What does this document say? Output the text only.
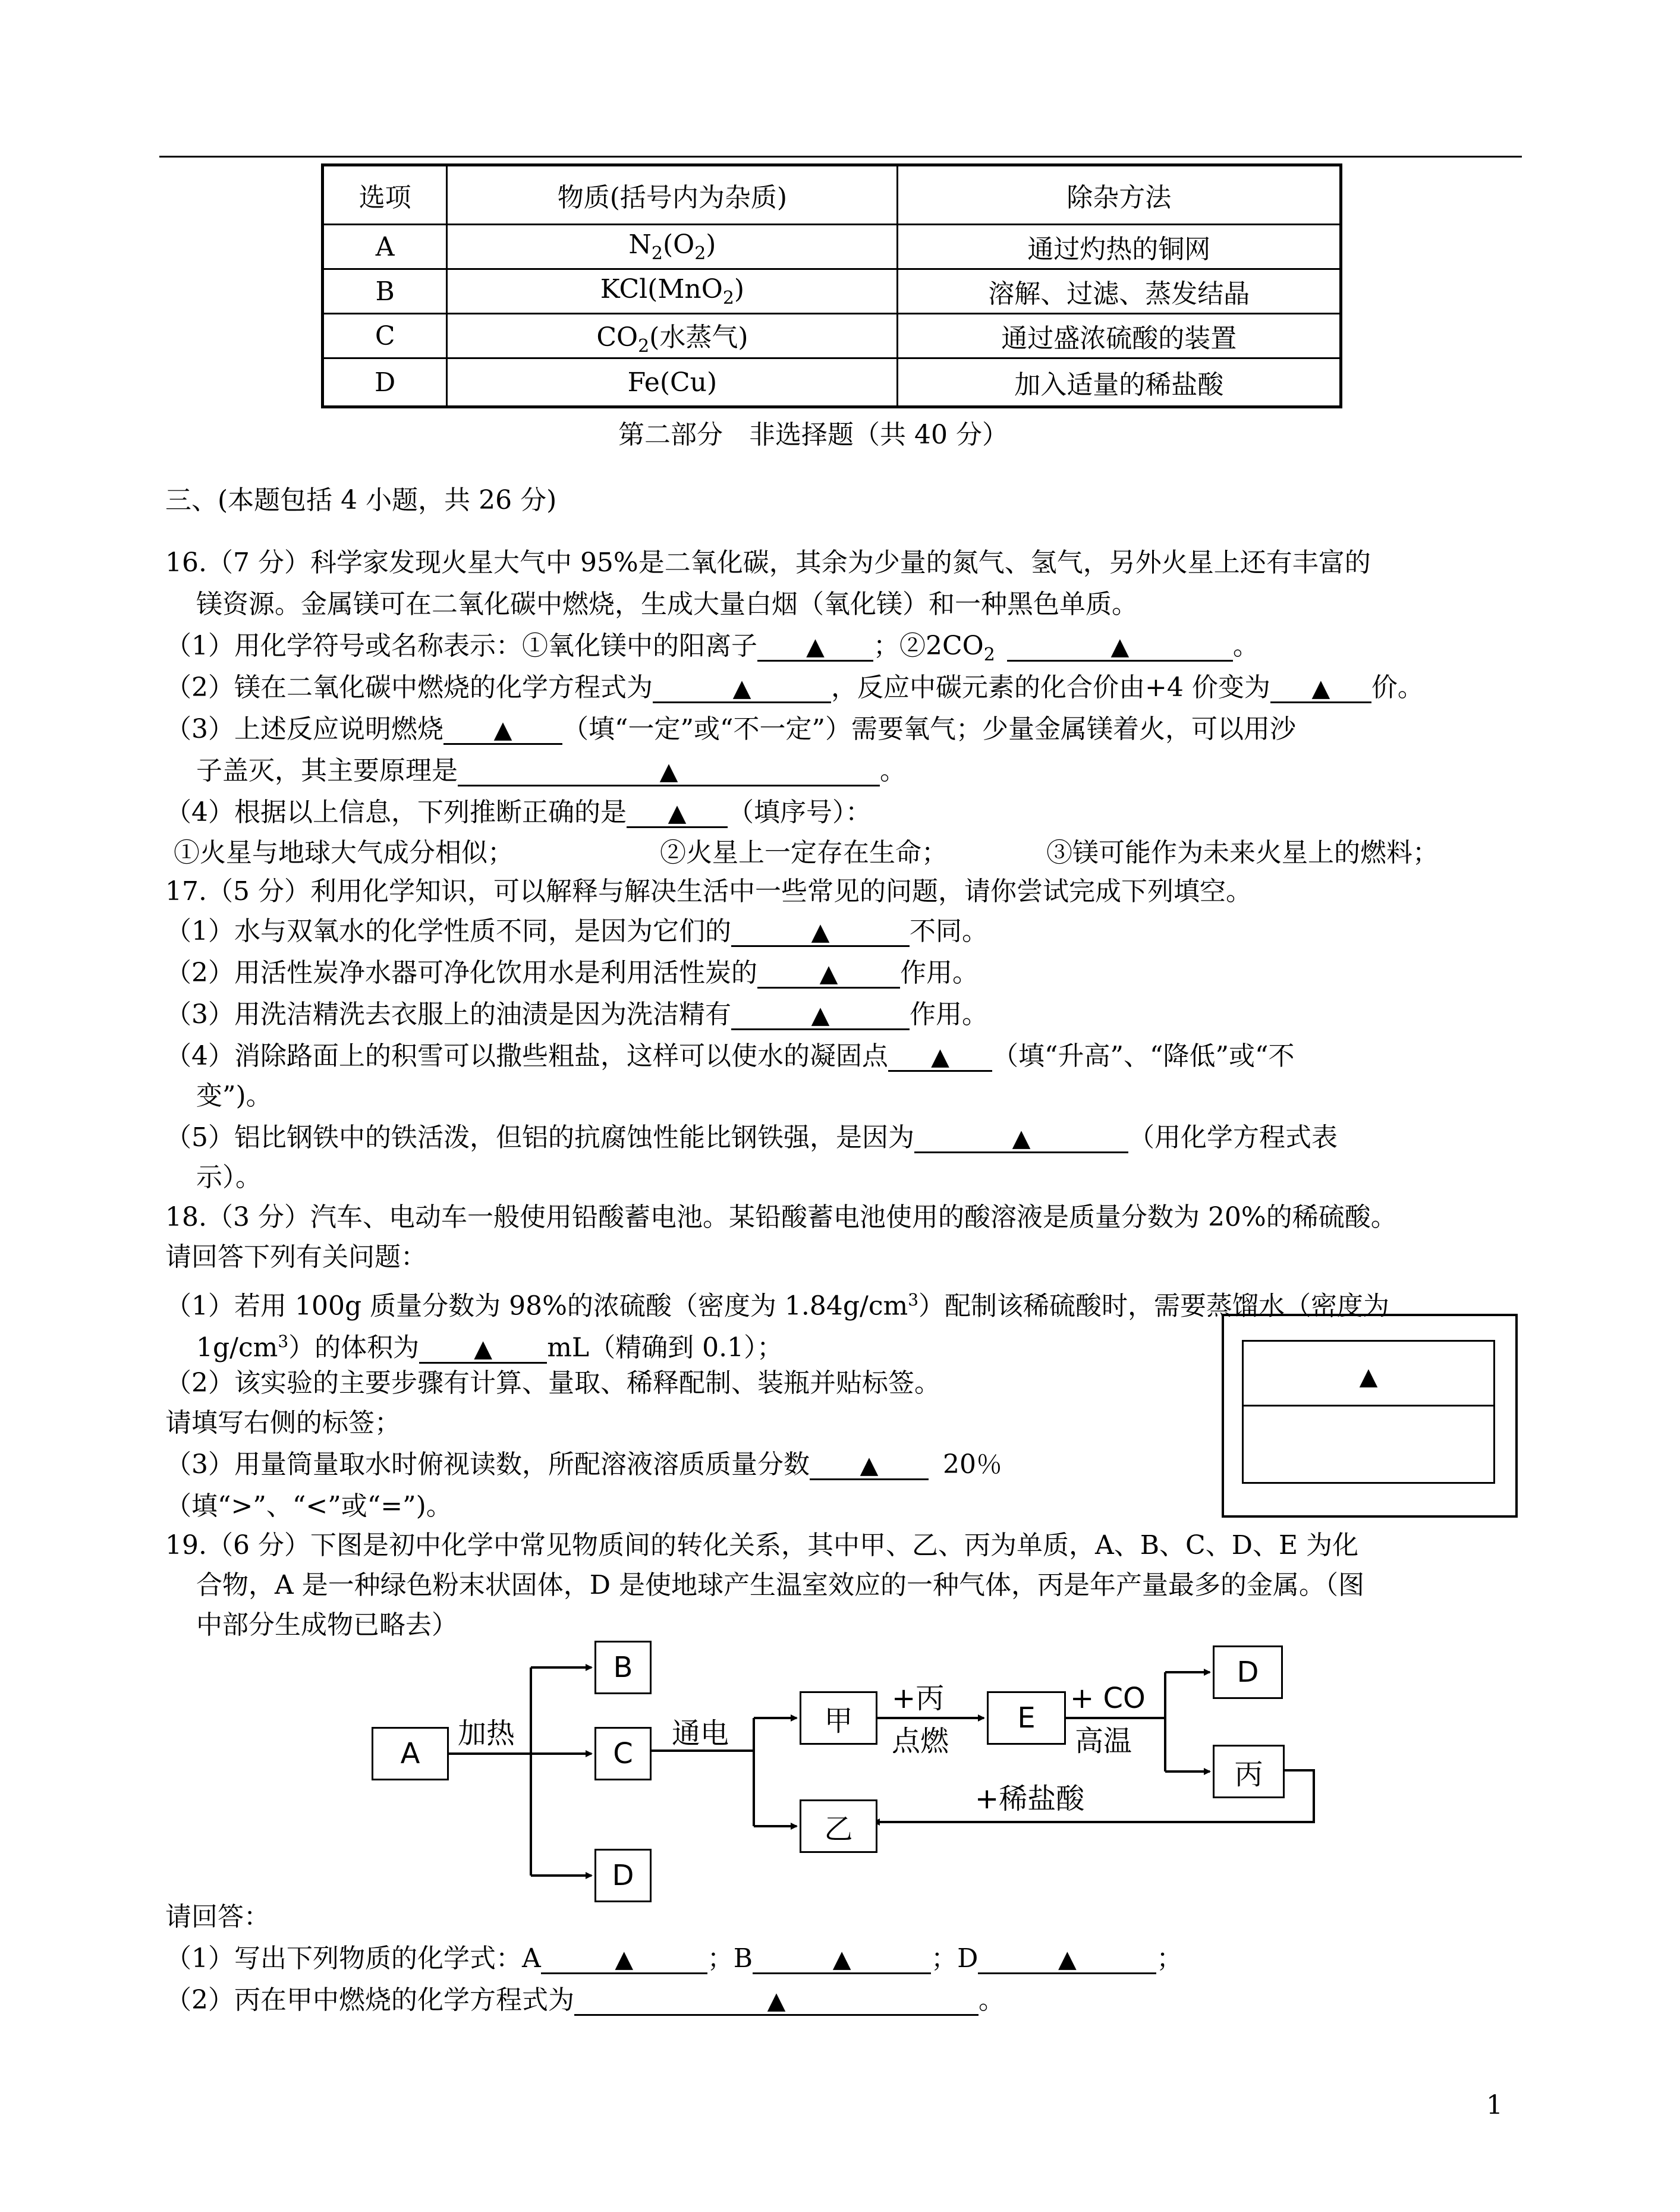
选项	物质(括号内为杂质)	除杂方法
A	$N_2(O_2)$	通过灼热的铜网
B	KCl(MnO$_2$)	溶解、过滤、蒸发结晶
C	$CO_2$(水蒸气)	通过盛浓硫酸的装置
D	Fe(Cu)	加入适量的稀盐酸
第二部分　非选择题（共 40 分）
三、(本题包括 4 小题，共 26 分)
16.（7 分）科学家发现火星大气中 95%是二氧化碳，其余为少量的氮气、氢气，另外火星上还有丰富的
镁资源。金属镁可在二氧化碳中燃烧，生成大量白烟（氧化镁）和一种黑色单质。
（1）用化学符号或名称表示：①氧化镁中的阳离子 ▲ ；$②2CO_2$	▲	。
（2）镁在二氧化碳中燃烧的化学方程式为	▲	，反应中碳元素的化合价由+4 价变为 ▲ 价。
（3）上述反应说明燃烧 ▲ （填“一定”或“不一定”）需要氧气；少量金属镁着火，可以用沙
子盖灭，其主要原理是	▲	。
（4）根据以上信息，下列推断正确的是 ▲ （填序号）：
①火星与地球大气成分相似；	②火星上一定存在生命；	③镁可能作为未来火星上的燃料；
17.（5 分）利用化学知识，可以解释与解决生活中一些常见的问题，请你尝试完成下列填空。
（1）水与双氧水的化学性质不同，是因为它们的	▲	不同。
（2）用活性炭净水器可净化饮用水是利用活性炭的	▲ 作用。
（3）用洗洁精洗去衣服上的油渍是因为洗洁精有	▲	作用。
（4）消除路面上的积雪可以撒些粗盐，这样可以使水的凝固点 ▲ （填“升高”、“降低”或“不
变”)。
（5）铝比钢铁中的铁活泼，但铝的抗腐蚀性能比钢铁强，是因为	▲	（用化学方程式表
示）。
18.（3 分）汽车、电动车一般使用铅酸蓄电池。某铅酸蓄电池使用的酸溶液是质量分数为 20%的稀硫酸。
请回答下列有关问题：
（1）若用 100g 质量分数为 98%的浓硫酸（密度为 $1.84g/cm^3$）配制该稀硫酸时，需要蒸馏水（密度为
$1g/cm^3$）的体积为 ▲ mL（精确到 0.1）；
（2）该实验的主要步骤有计算、量取、稀释配制、装瓶并贴标签。
请填写右侧的标签；
（3）用量筒量取水时俯视读数，所配溶液溶质质量分数 ▲ 20％
（填“>”、“<”或“=”)。
▲
19.（6 分）下图是初中化学中常见物质间的转化关系，其中甲、乙、丙为单质，A、B、C、D、E 为化
合物，A 是一种绿色粉末状固体，D 是使地球产生温室效应的一种气体，丙是年产量最多的金属。（图
中部分生成物已略去）
加热	通电
+丙
点燃
+ CO
高温
+稀盐酸
A
B
C
D
甲
乙
E
D
丙
请回答：
（1）写出下列物质的化学式：A	▲	；B	▲	；D	▲	；
（2）丙在甲中燃烧的化学方程式为	▲	。
1
